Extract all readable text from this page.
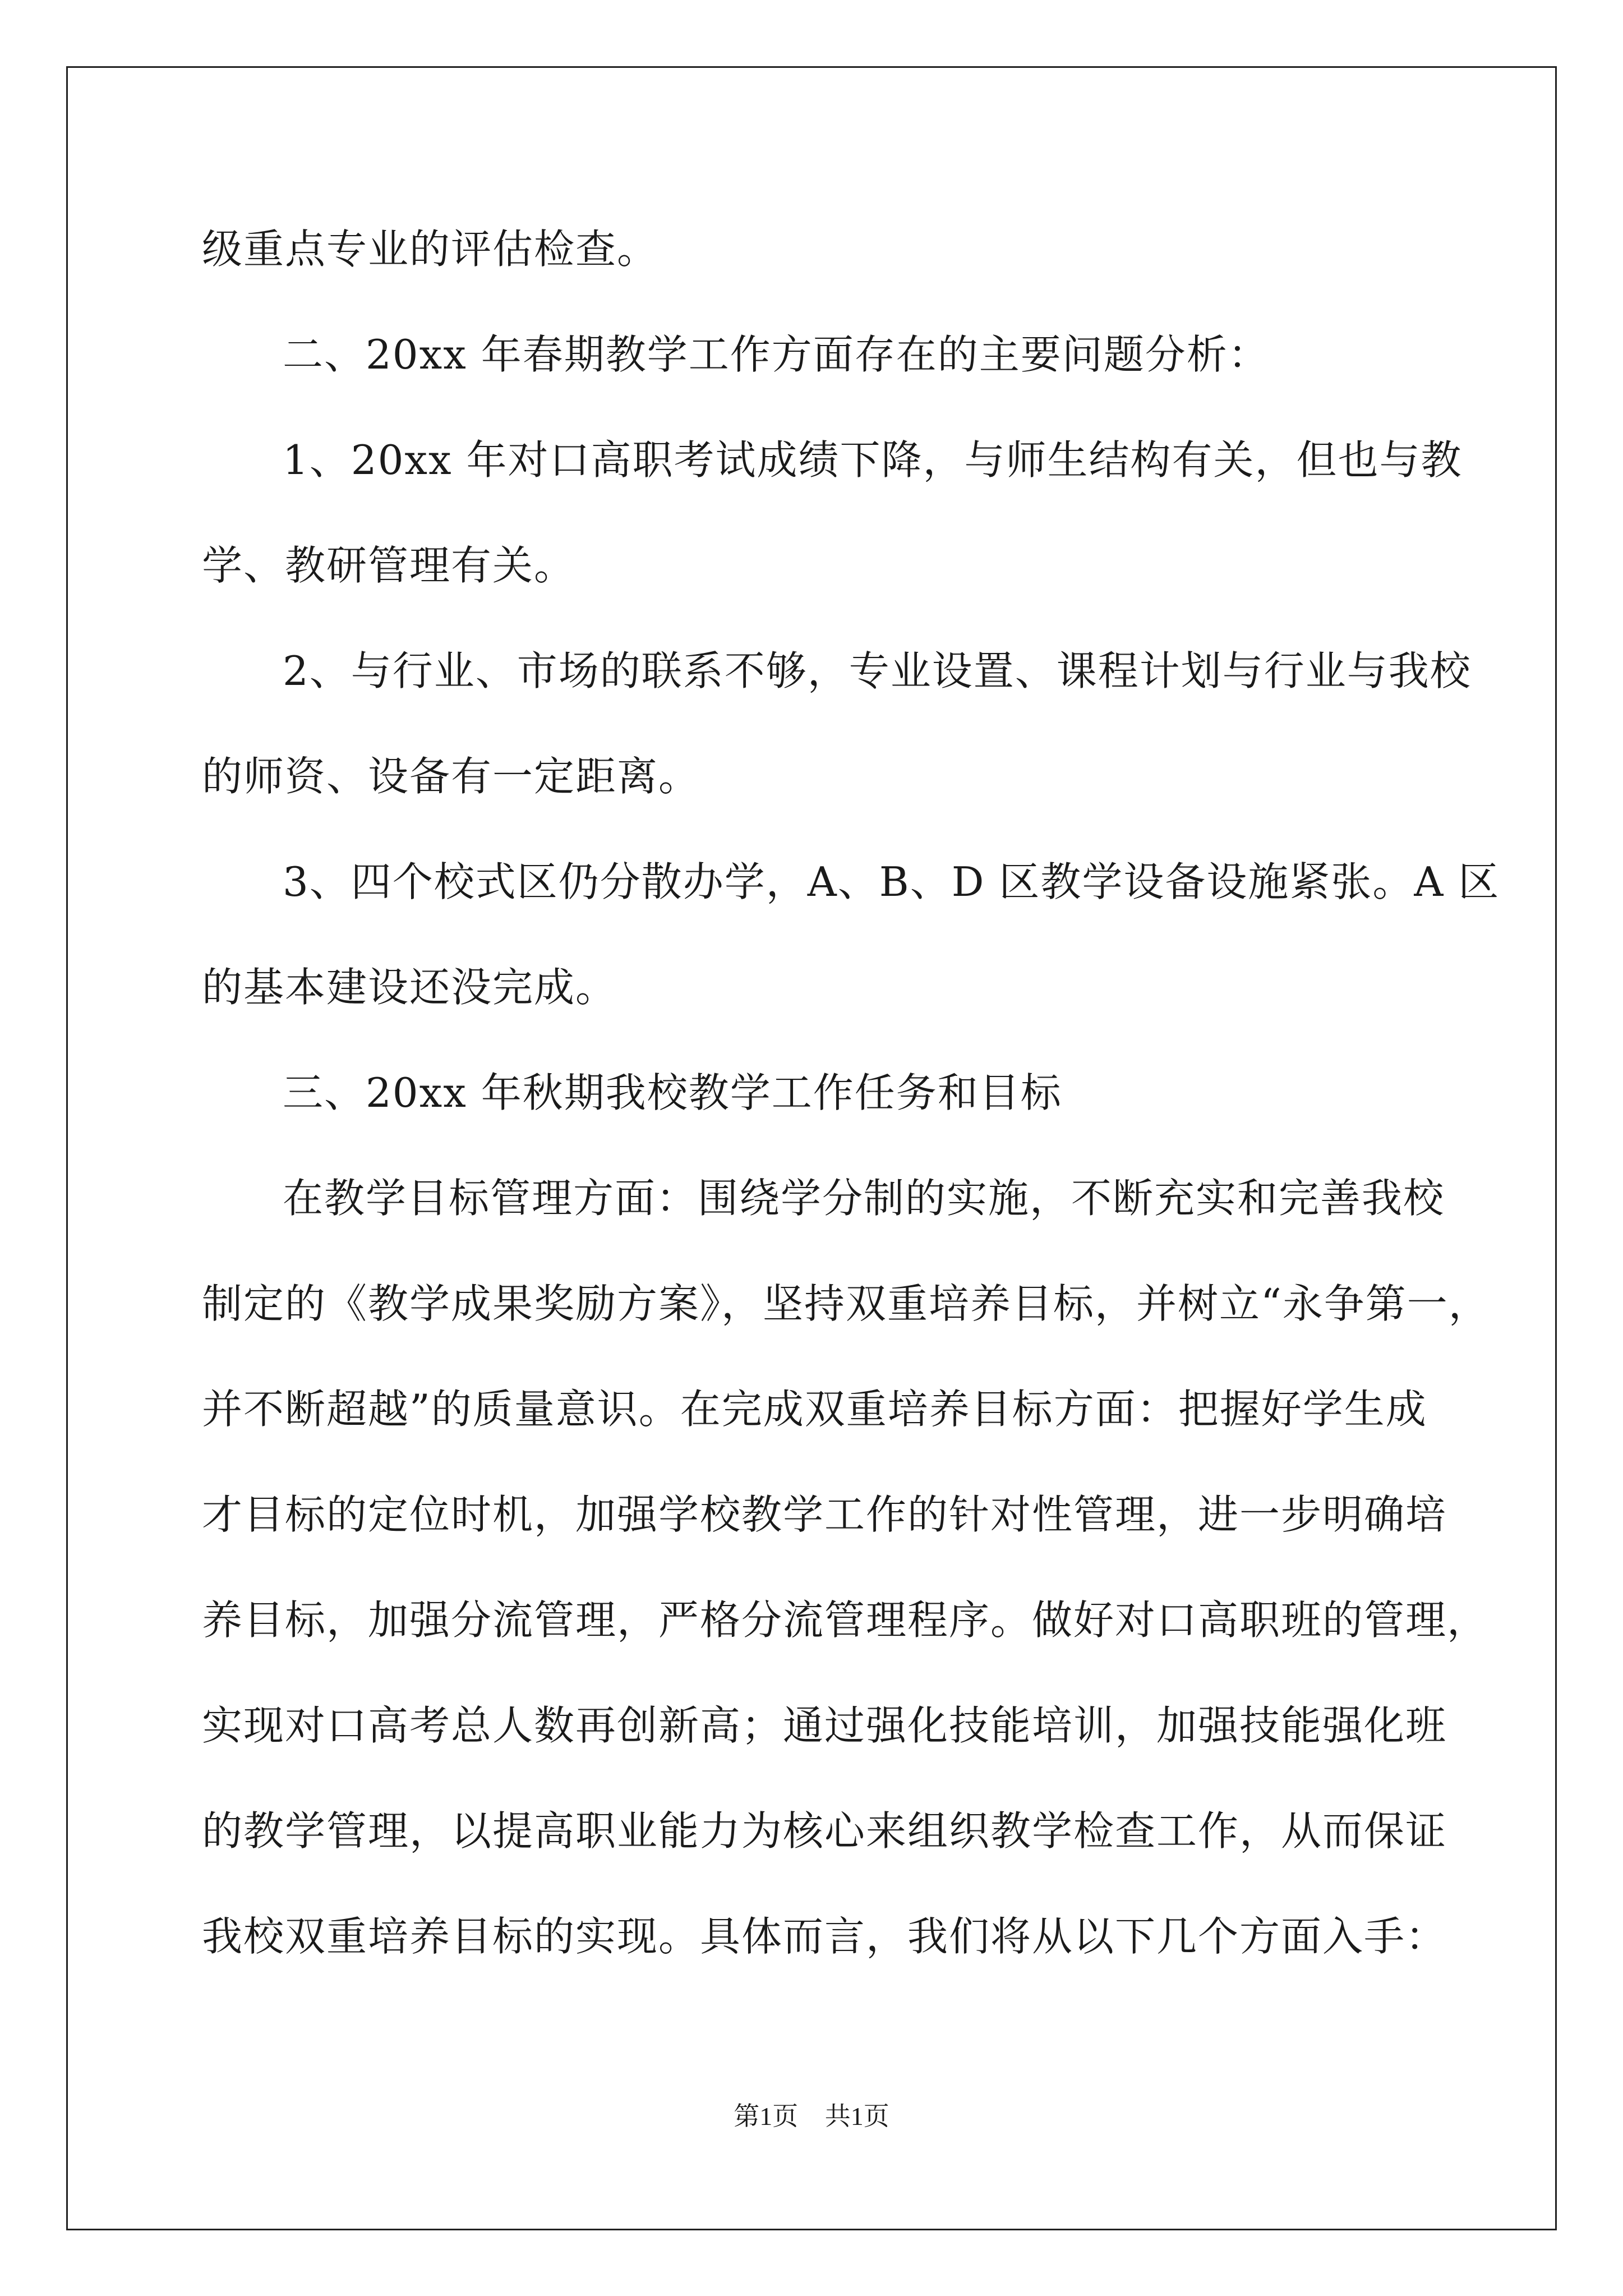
级重点专业的评估检查。
二、20xx 年春期教学工作方面存在的主要问题分析：
1、20xx 年对口高职考试成绩下降，与师生结构有关，但也与教
学、教研管理有关。
2、与行业、市场的联系不够，专业设置、课程计划与行业与我校
的师资、设备有一定距离。
3、四个校式区仍分散办学，A、B、D 区教学设备设施紧张。A 区
的基本建设还没完成。
三、20xx 年秋期我校教学工作任务和目标
在教学目标管理方面：围绕学分制的实施，不断充实和完善我校
制定的《教学成果奖励方案》，坚持双重培养目标，并树立“永争第一，
并不断超越”的质量意识。在完成双重培养目标方面：把握好学生成
才目标的定位时机，加强学校教学工作的针对性管理，进一步明确培
养目标，加强分流管理，严格分流管理程序。做好对口高职班的管理，
实现对口高考总人数再创新高；通过强化技能培训，加强技能强化班
的教学管理，以提高职业能力为核心来组织教学检查工作，从而保证
我校双重培养目标的实现。具体而言，我们将从以下几个方面入手：
第1页 共1页
